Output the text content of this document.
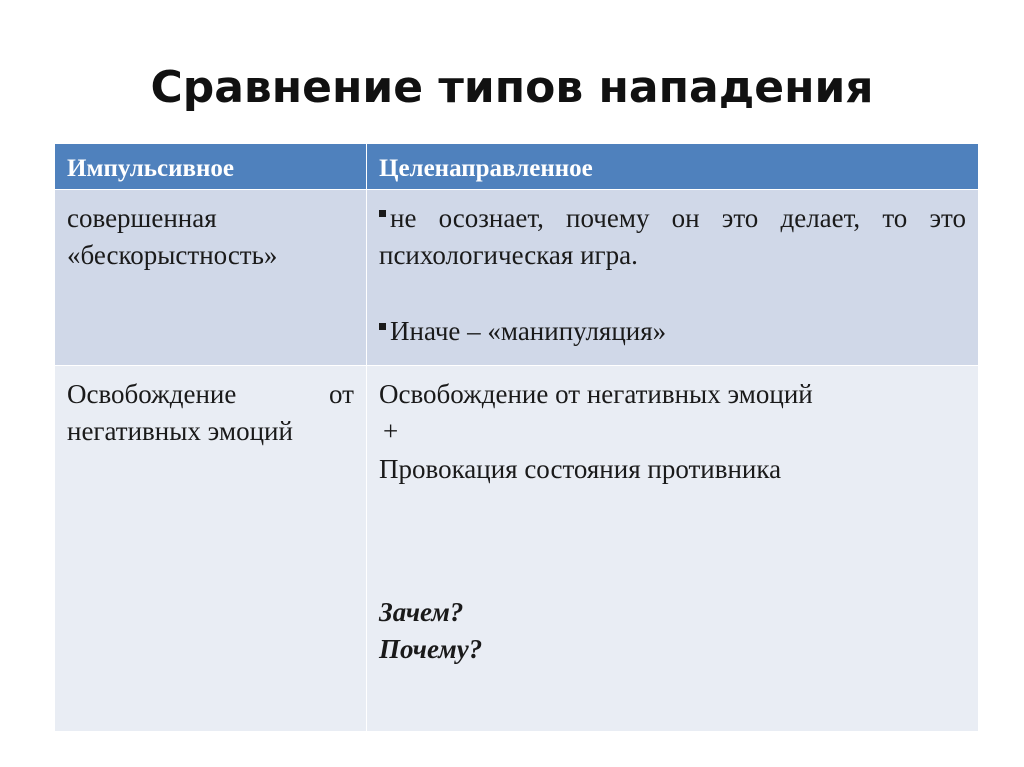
Сравнение типов нападения
Импульсивное	Целенаправленное
совершенная «бескорыстность»	не осознает, почему он это делает, то это психологическая игра.
Иначе – «манипуляция»

Освобождение от негативных эмоций	Освобождение от негативных эмоций
+
Провокация состояния противника
Зачем?
Почему?
